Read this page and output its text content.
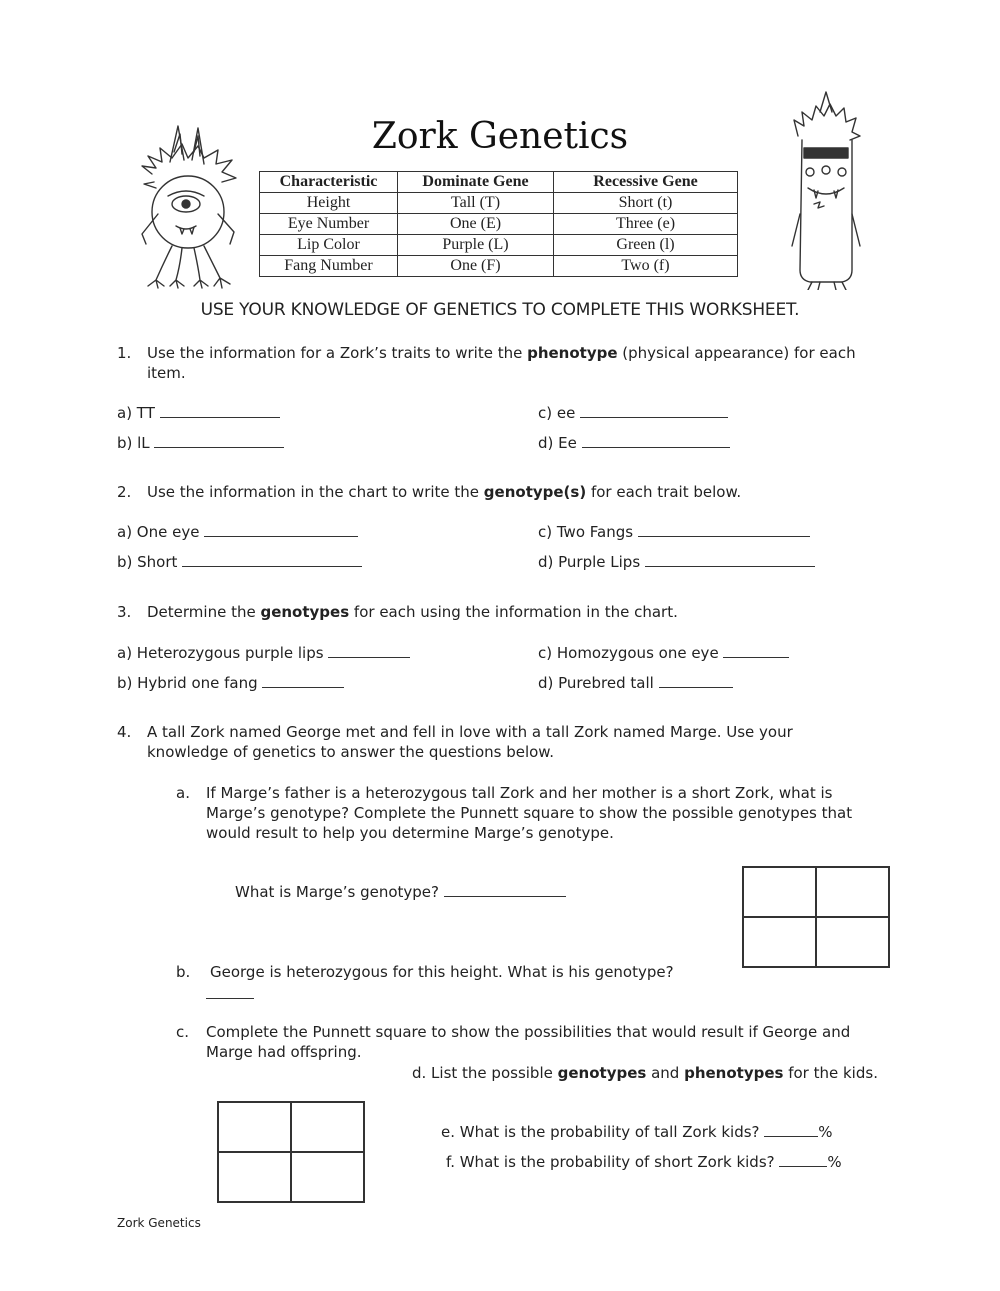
Zork Genetics
Characteristic	Dominate Gene	Recessive Gene
Height	Tall (T)	Short (t)
Eye Number	One (E)	Three (e)
Lip Color	Purple (L)	Green (l)
Fang Number	One (F)	Two (f)
USE YOUR KNOWLEDGE OF GENETICS TO COMPLETE THIS WORKSHEET.
1. Use the information for a Zork’s traits to write the phenotype (physical appearance) for each item.
a) TT
b) lL
c) ee
d) Ee
2. Use the information in the chart to write the genotype(s) for each trait below.
a) One eye
b) Short
c) Two Fangs
d) Purple Lips
3. Determine the genotypes for each using the information in the chart.
a) Heterozygous purple lips
b) Hybrid one fang
c) Homozygous one eye
d) Purebred tall
4. A tall Zork named George met and fell in love with a tall Zork named Marge. Use your knowledge of genetics to answer the questions below.
a. If Marge’s father is a heterozygous tall Zork and her mother is a short Zork, what is Marge’s genotype? Complete the Punnett square to show the possible genotypes that would result to help you determine Marge’s genotype.
What is Marge’s genotype?
b. George is heterozygous for this height. What is his genotype?
c. Complete the Punnett square to show the possibilities that would result if George and Marge had offspring.
d. List the possible genotypes and phenotypes for the kids.
e. What is the probability of tall Zork kids?	%
f. What is the probability of short Zork kids?	%
Zork Genetics
